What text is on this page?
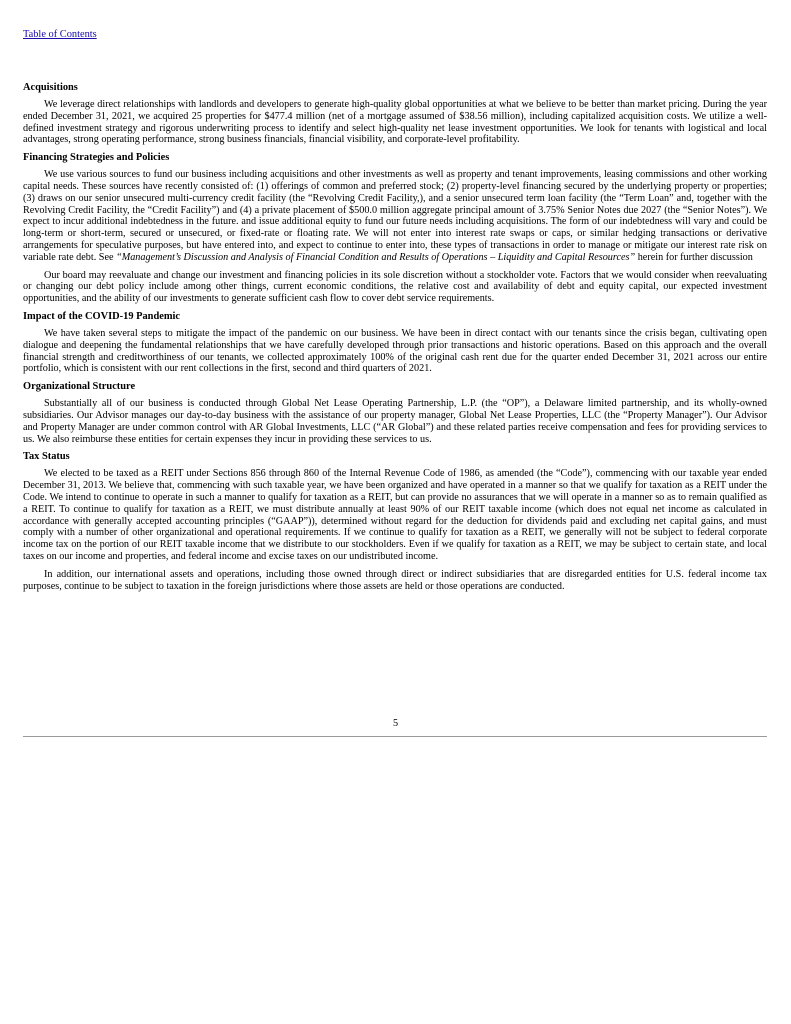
Table of Contents
Acquisitions

We leverage direct relationships with landlords and developers to generate high-quality global opportunities at what we believe to be better than market pricing. During the year ended December 31, 2021, we acquired 25 properties for $477.4 million (net of a mortgage assumed of $38.56 million), including capitalized acquisition costs. We utilize a well-defined investment strategy and rigorous underwriting process to identify and select high-quality net lease investment opportunities. We look for tenants with logistical and local advantages, strong operating performance, strong business financials, financial visibility, and corporate-level profitability.

Financing Strategies and Policies

We use various sources to fund our business including acquisitions and other investments as well as property and tenant improvements, leasing commissions and other working capital needs. These sources have recently consisted of: (1) offerings of common and preferred stock; (2) property-level financing secured by the underlying property or properties; (3) draws on our senior unsecured multi-currency credit facility (the “Revolving Credit Facility,), and a senior unsecured term loan facility (the “Term Loan” and, together with the Revolving Credit Facility, the “Credit Facility”) and (4) a private placement of $500.0 million aggregate principal amount of 3.75% Senior Notes due 2027 (the “Senior Notes”). We expect to incur additional indebtedness in the future. and issue additional equity to fund our future needs including acquisitions. The form of our indebtedness will vary and could be long-term or short-term, secured or unsecured, or fixed-rate or floating rate. We will not enter into interest rate swaps or caps, or similar hedging transactions or derivative arrangements for speculative purposes, but have entered into, and expect to continue to enter into, these types of transactions in order to manage or mitigate our interest rate risk on variable rate debt. See “Management’s Discussion and Analysis of Financial Condition and Results of Operations – Liquidity and Capital Resources” herein for further discussion

Our board may reevaluate and change our investment and financing policies in its sole discretion without a stockholder vote. Factors that we would consider when reevaluating or changing our debt policy include among other things, current economic conditions, the relative cost and availability of debt and equity capital, our expected investment opportunities, and the ability of our investments to generate sufficient cash flow to cover debt service requirements.

Impact of the COVID-19 Pandemic

We have taken several steps to mitigate the impact of the pandemic on our business. We have been in direct contact with our tenants since the crisis began, cultivating open dialogue and deepening the fundamental relationships that we have carefully developed through prior transactions and historic operations. Based on this approach and the overall financial strength and creditworthiness of our tenants, we collected approximately 100% of the original cash rent due for the quarter ended December 31, 2021 across our entire portfolio, which is consistent with our rent collections in the first, second and third quarters of 2021.

Organizational Structure

Substantially all of our business is conducted through Global Net Lease Operating Partnership, L.P. (the “OP”), a Delaware limited partnership, and its wholly-owned subsidiaries. Our Advisor manages our day-to-day business with the assistance of our property manager, Global Net Lease Properties, LLC (the “Property Manager”). Our Advisor and Property Manager are under common control with AR Global Investments, LLC (“AR Global”) and these related parties receive compensation and fees for providing services to us. We also reimburse these entities for certain expenses they incur in providing these services to us.

Tax Status

We elected to be taxed as a REIT under Sections 856 through 860 of the Internal Revenue Code of 1986, as amended (the “Code”), commencing with our taxable year ended December 31, 2013. We believe that, commencing with such taxable year, we have been organized and have operated in a manner so that we qualify for taxation as a REIT under the Code. We intend to continue to operate in such a manner to qualify for taxation as a REIT, but can provide no assurances that we will operate in a manner so as to remain qualified as a REIT. To continue to qualify for taxation as a REIT, we must distribute annually at least 90% of our REIT taxable income (which does not equal net income as calculated in accordance with generally accepted accounting principles (“GAAP”)), determined without regard for the deduction for dividends paid and excluding net capital gains, and must comply with a number of other organizational and operational requirements. If we continue to qualify for taxation as a REIT, we generally will not be subject to federal corporate income tax on the portion of our REIT taxable income that we distribute to our stockholders. Even if we qualify for taxation as a REIT, we may be subject to certain state, and local taxes on our income and properties, and federal income and excise taxes on our undistributed income.

In addition, our international assets and operations, including those owned through direct or indirect subsidiaries that are disregarded entities for U.S. federal income tax purposes, continue to be subject to taxation in the foreign jurisdictions where those assets are held or those operations are conducted.

5
